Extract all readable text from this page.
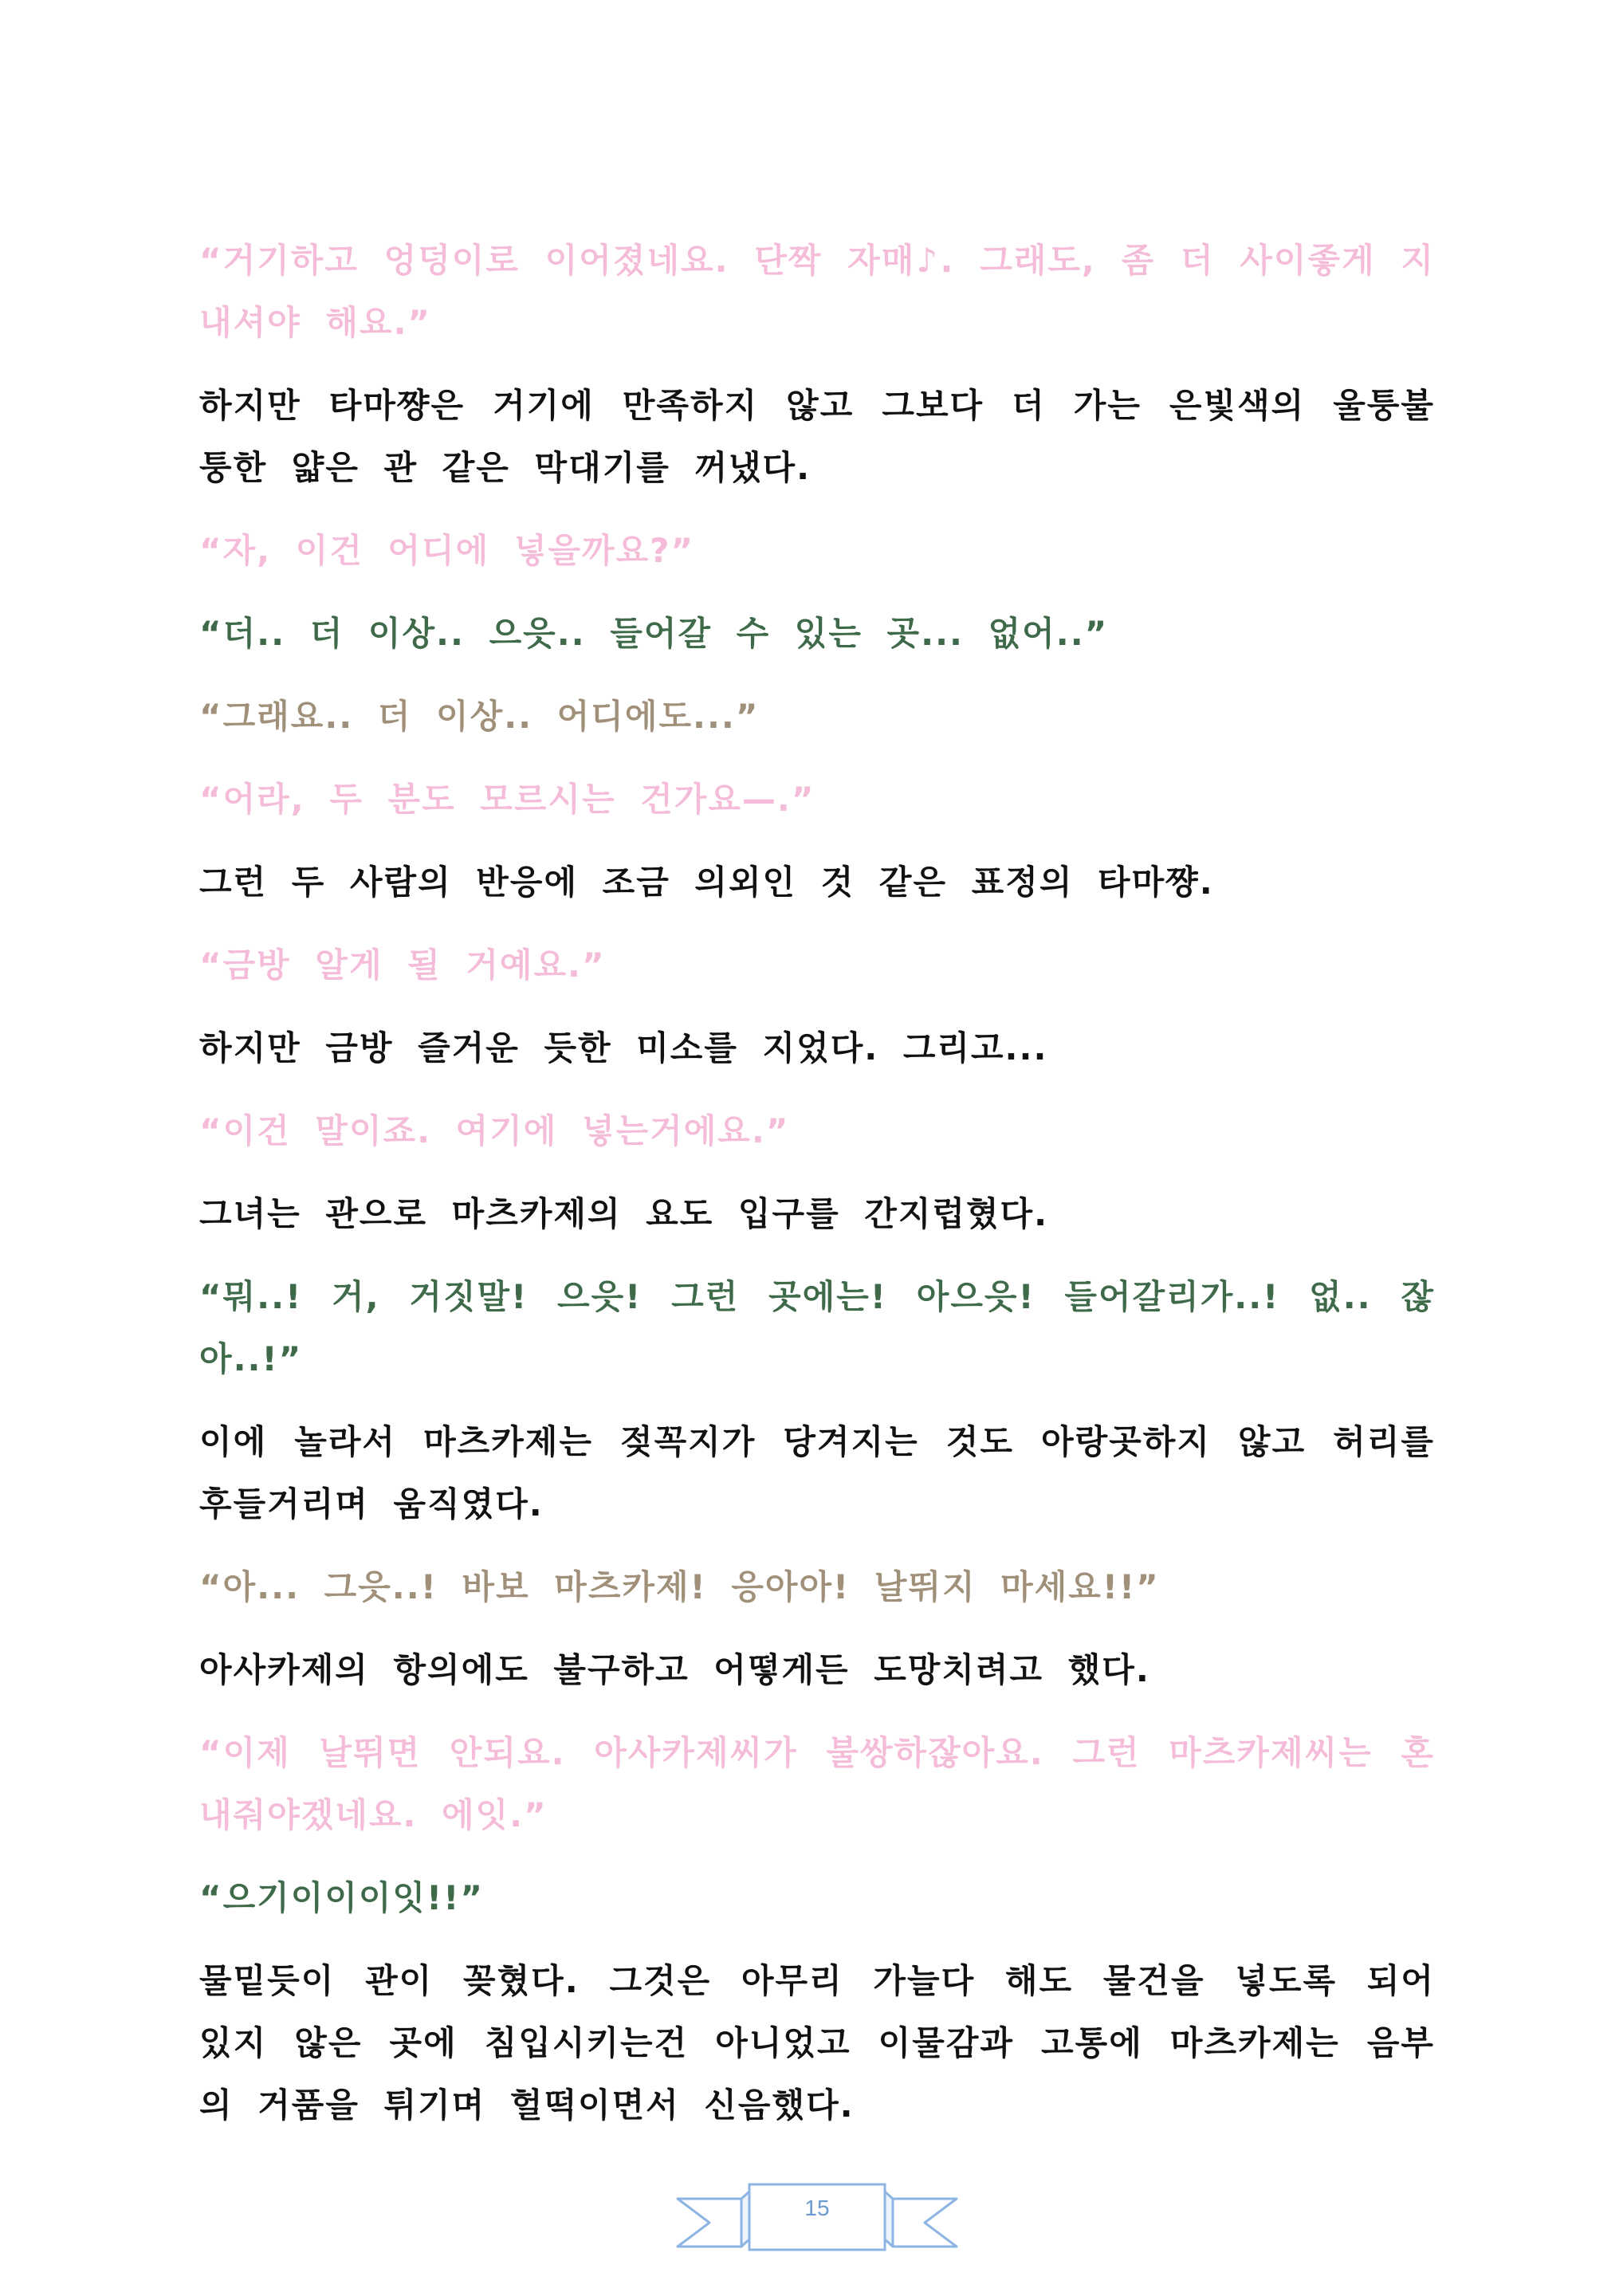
“거기하고 엉덩이로 이어졌네요. 단짝 자매♪. 그래도, 좀 더 사이좋게 지내셔야 해요.”

하지만 타마쨩은 거기에 만족하지 않고 그보다 더 가는 은빛색의 울퉁불퉁한 얇은 관 같은 막대기를 꺼냈다.

“자, 이건 어디에 넣을까요?”

“더.. 더 이상.. 으읏.. 들어갈 수 있는 곳... 없어..”

“그래요.. 더 이상.. 어디에도...”

“어라, 두 분도 모르시는 건가요—.”

그런 두 사람의 반응에 조금 의외인 것 같은 표정의 타마쨩.

“금방 알게 될 거예요.”

하지만 금방 즐거운 듯한 미소를 지었다. 그리고...

“이건 말이죠. 여기에 넣는거에요.”

그녀는 관으로 마츠카제의 요도 입구를 간지럽혔다.

“뭐..! 거, 거짓말! 으읏! 그런 곳에는! 아으읏! 들어갈리가..! 없.. 잖아..!”

이에 놀라서 마츠카제는 젖꼭지가 당겨지는 것도 아랑곳하지 않고 허리를 후들거리며 움직였다.

“아... 그읏..! 바보 마츠카제! 응아아! 날뛰지 마세요!!”

아사카제의 항의에도 불구하고 어떻게든 도망치려고 했다.

“이제 날뛰면 안되요. 아사카제씨가 불쌍하잖아요. 그런 마츠카제씨는 혼내줘야겠네요. 에잇.”

“으기이이이잇!!”

물밑듯이 관이 꽂혔다. 그것은 아무리 가늘다 해도 물건을 넣도록 되어 있지 않은 곳에 침입시키는건 아니었고 이물감과 고통에 마츠카제는 음부의 거품을 튀기며 헐떡이면서 신음했다.

15
